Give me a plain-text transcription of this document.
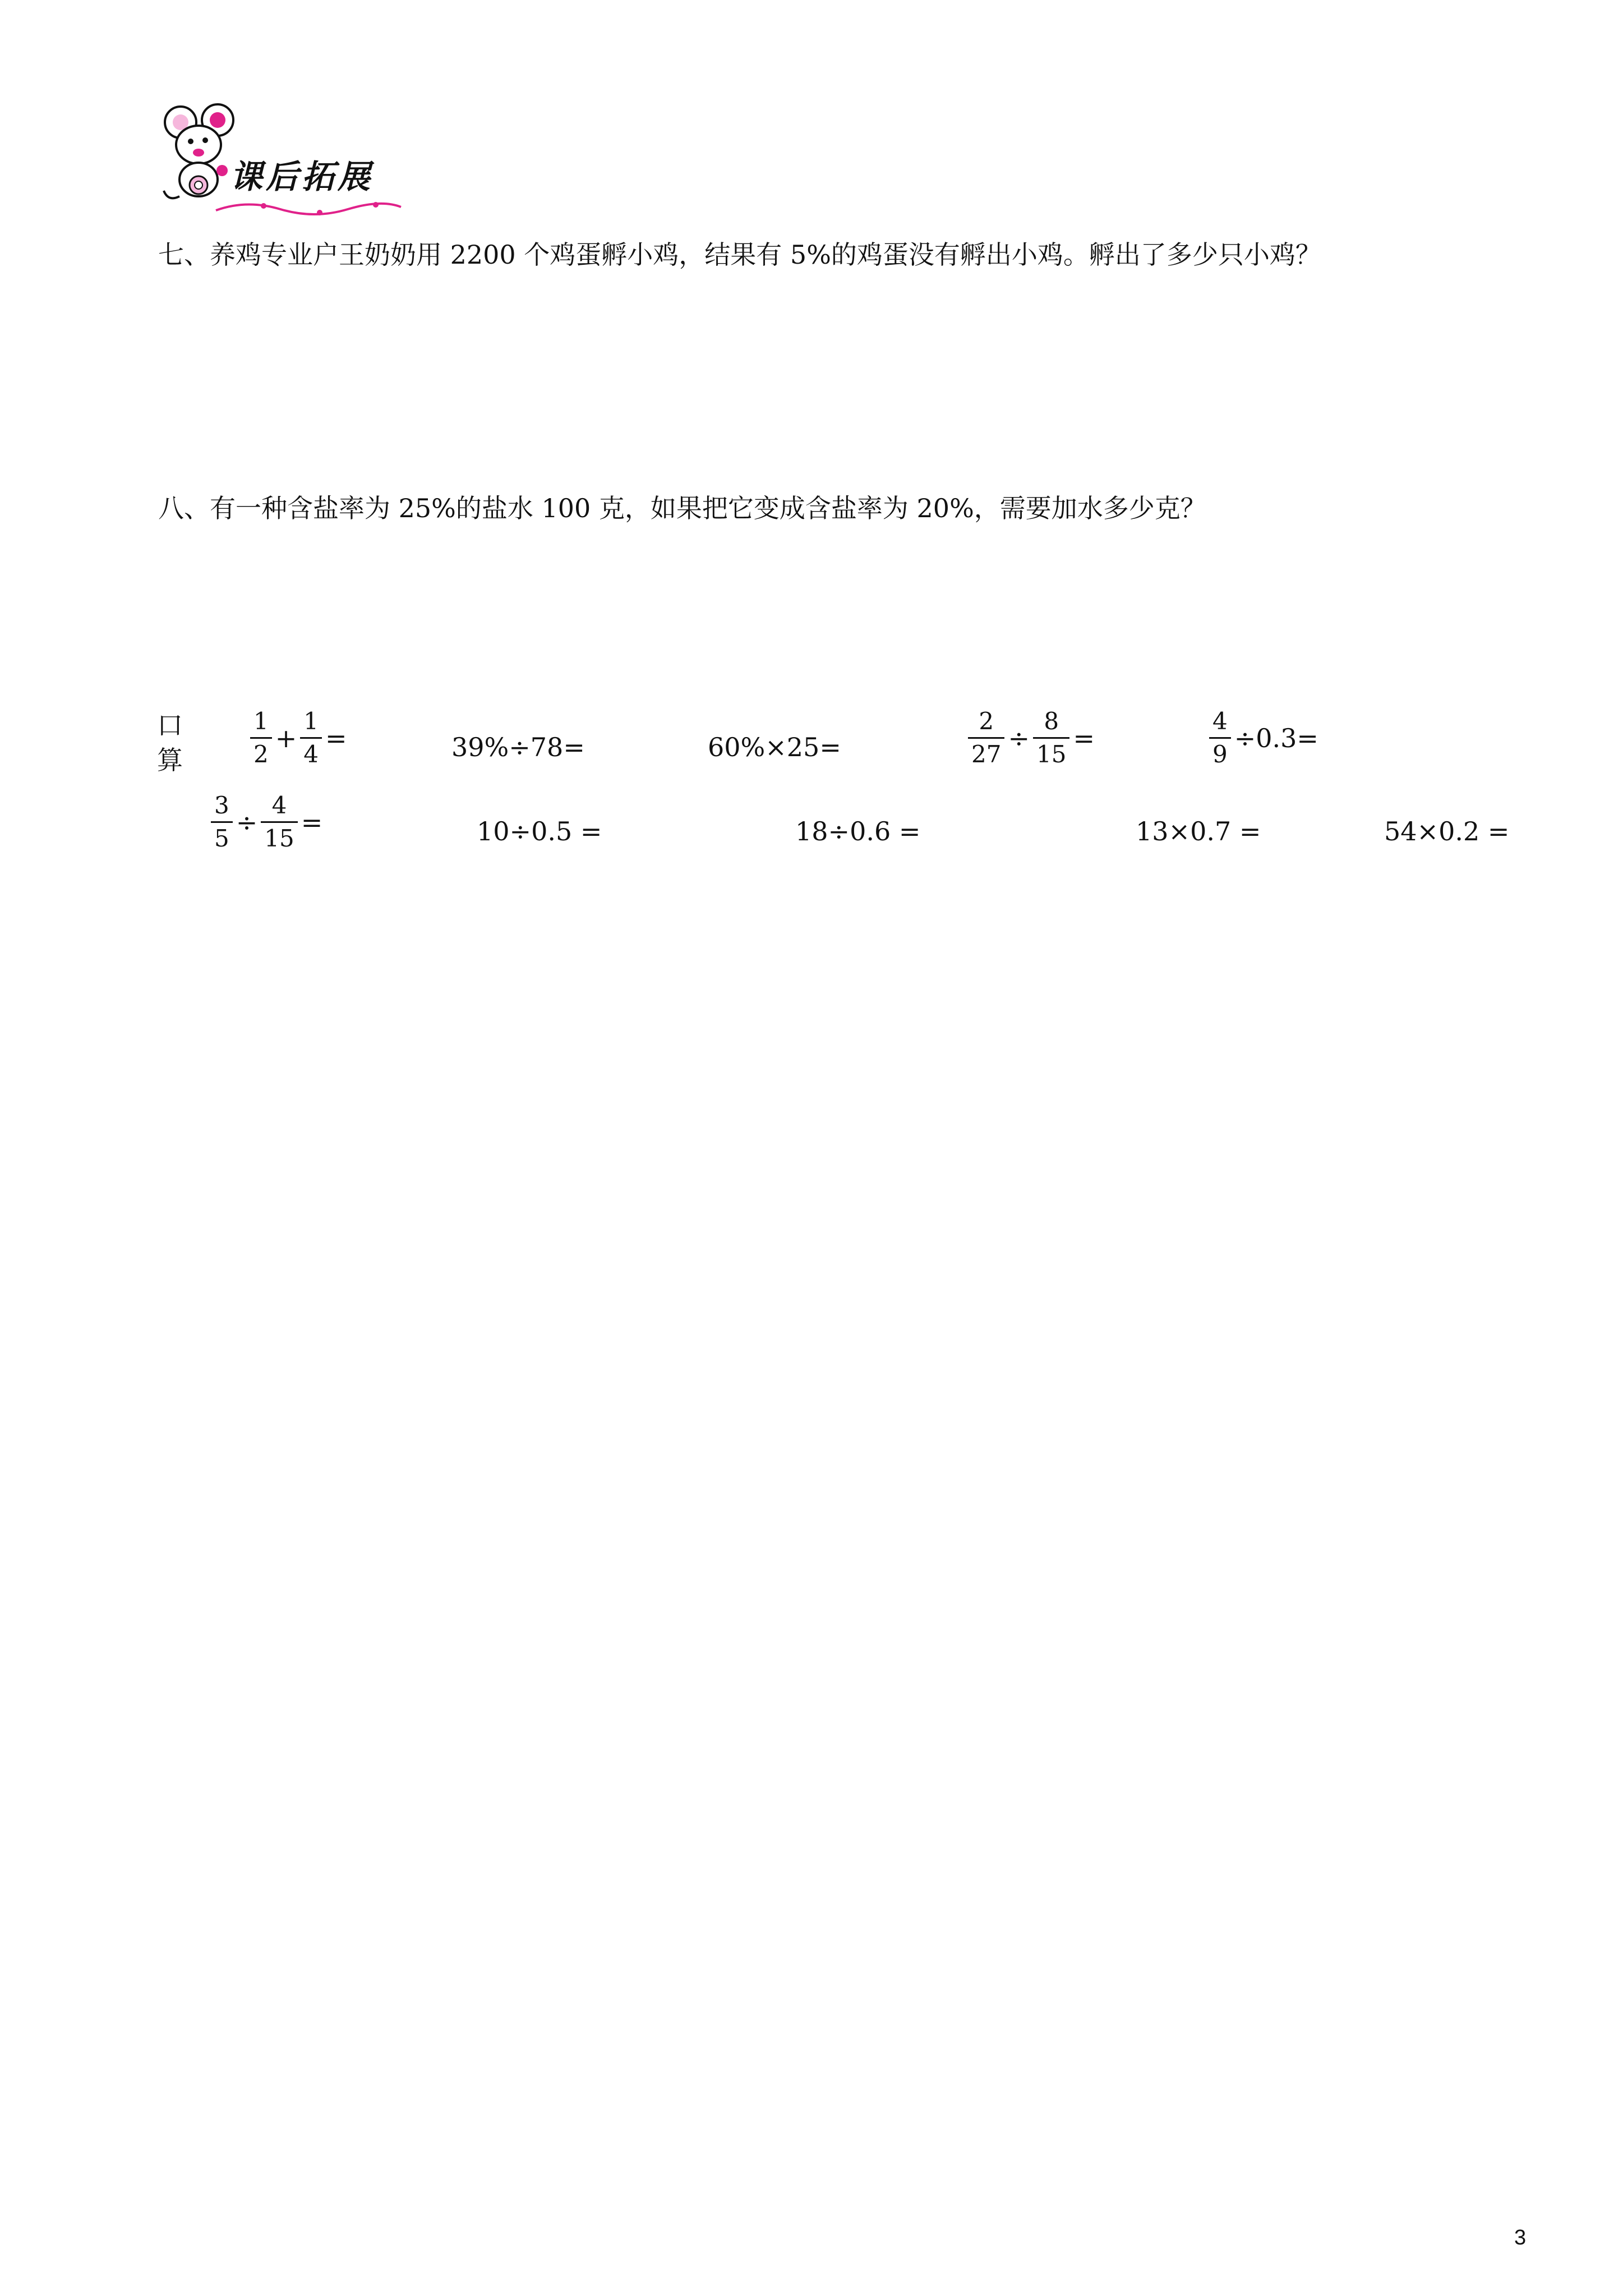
课后拓展
七、养鸡专业户王奶奶用 2200 个鸡蛋孵小鸡，结果有 5%的鸡蛋没有孵出小鸡。孵出了多少只小鸡？
八、有一种含盐率为 25%的盐水 100 克，如果把它变成含盐率为 20%，需要加水多少克？
口
算	$\frac{1}{2} + \frac{1}{4}$ =	39%÷78=	60%×25=	$\frac{2}{27} \div \frac{8}{15}$ =	$\frac{4}{9} \div 0.3=$
$\frac{3}{5} \div \frac{4}{15}$ =	10÷0.5 =	18÷0.6 =	13×0.7 =	54×0.2 =
3
